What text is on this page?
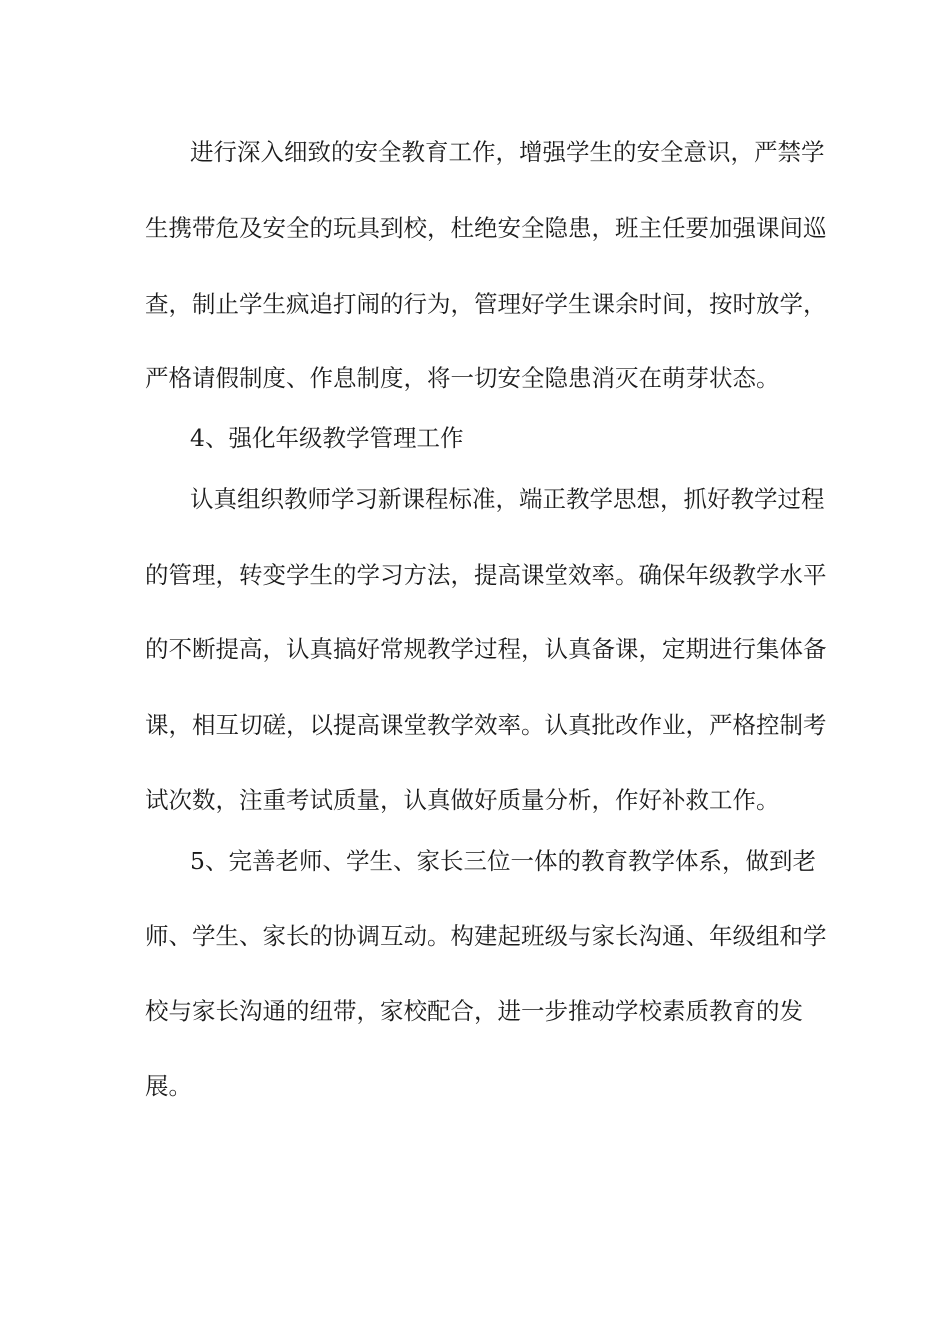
进行深入细致的安全教育工作，增强学生的安全意识，严禁学
生携带危及安全的玩具到校，杜绝安全隐患，班主任要加强课间巡
查，制止学生疯追打闹的行为，管理好学生课余时间，按时放学，
严格请假制度、作息制度，将一切安全隐患消灭在萌芽状态。
4、强化年级教学管理工作
认真组织教师学习新课程标准，端正教学思想，抓好教学过程
的管理，转变学生的学习方法，提高课堂效率。确保年级教学水平
的不断提高，认真搞好常规教学过程，认真备课，定期进行集体备
课，相互切磋，以提高课堂教学效率。认真批改作业，严格控制考
试次数，注重考试质量，认真做好质量分析，作好补救工作。
5、完善老师、学生、家长三位一体的教育教学体系，做到老
师、学生、家长的协调互动。构建起班级与家长沟通、年级组和学
校与家长沟通的纽带，家校配合，进一步推动学校素质教育的发
展。
